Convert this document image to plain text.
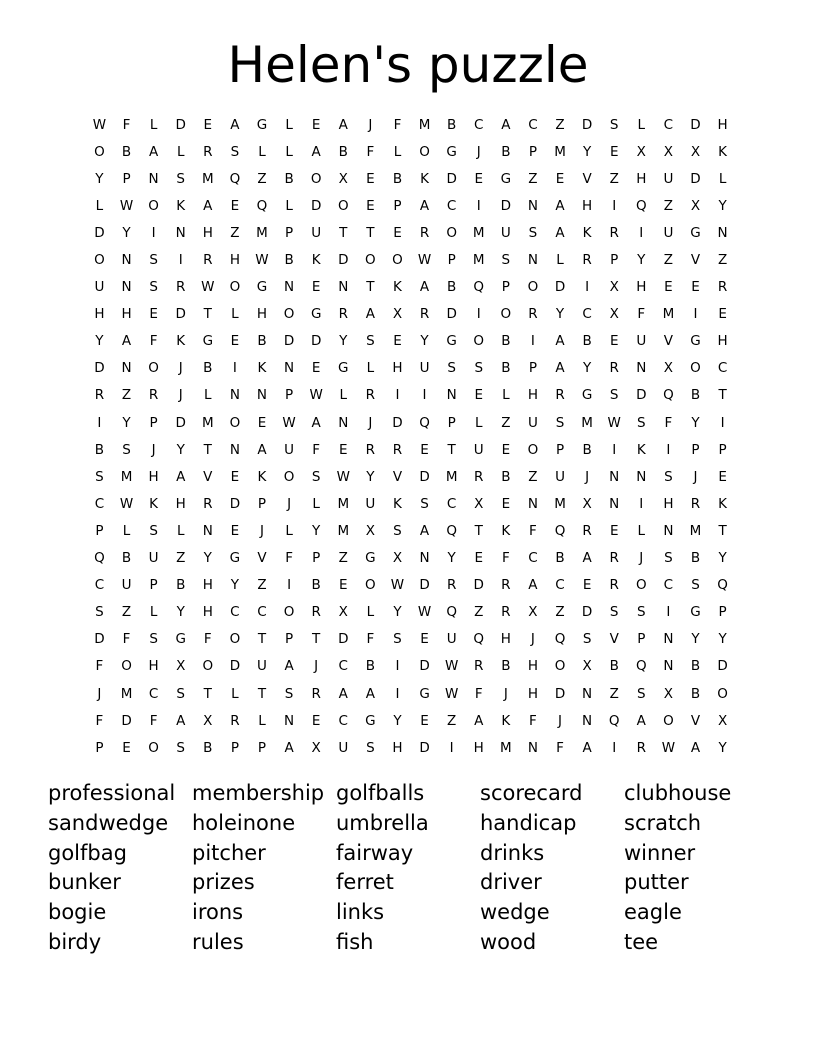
Helen's puzzle
W	F	L	D	E	A	G	L	E	A	J	F	M	B	C	A	C	Z	D	S	L	C	D	H
O	B	A	L	R	S	L	L	A	B	F	L	O	G	J	B	P	M	Y	E	X	X	X	K
Y	P	N	S	M	Q	Z	B	O	X	E	B	K	D	E	G	Z	E	V	Z	H	U	D	L
L	W	O	K	A	E	Q	L	D	O	E	P	A	C	I	D	N	A	H	I	Q	Z	X	Y
D	Y	I	N	H	Z	M	P	U	T	T	E	R	O	M	U	S	A	K	R	I	U	G	N
O	N	S	I	R	H	W	B	K	D	O	O	W	P	M	S	N	L	R	P	Y	Z	V	Z
U	N	S	R	W	O	G	N	E	N	T	K	A	B	Q	P	O	D	I	X	H	E	E	R
H	H	E	D	T	L	H	O	G	R	A	X	R	D	I	O	R	Y	C	X	F	M	I	E
Y	A	F	K	G	E	B	D	D	Y	S	E	Y	G	O	B	I	A	B	E	U	V	G	H
D	N	O	J	B	I	K	N	E	G	L	H	U	S	S	B	P	A	Y	R	N	X	O	C
R	Z	R	J	L	N	N	P	W	L	R	I	I	N	E	L	H	R	G	S	D	Q	B	T
I	Y	P	D	M	O	E	W	A	N	J	D	Q	P	L	Z	U	S	M	W	S	F	Y	I
B	S	J	Y	T	N	A	U	F	E	R	R	E	T	U	E	O	P	B	I	K	I	P	P
S	M	H	A	V	E	K	O	S	W	Y	V	D	M	R	B	Z	U	J	N	N	S	J	E
C	W	K	H	R	D	P	J	L	M	U	K	S	C	X	E	N	M	X	N	I	H	R	K
P	L	S	L	N	E	J	L	Y	M	X	S	A	Q	T	K	F	Q	R	E	L	N	M	T
Q	B	U	Z	Y	G	V	F	P	Z	G	X	N	Y	E	F	C	B	A	R	J	S	B	Y
C	U	P	B	H	Y	Z	I	B	E	O	W	D	R	D	R	A	C	E	R	O	C	S	Q
S	Z	L	Y	H	C	C	O	R	X	L	Y	W	Q	Z	R	X	Z	D	S	S	I	G	P
D	F	S	G	F	O	T	P	T	D	F	S	E	U	Q	H	J	Q	S	V	P	N	Y	Y
F	O	H	X	O	D	U	A	J	C	B	I	D	W	R	B	H	O	X	B	Q	N	B	D
J	M	C	S	T	L	T	S	R	A	A	I	G	W	F	J	H	D	N	Z	S	X	B	O
F	D	F	A	X	R	L	N	E	C	G	Y	E	Z	A	K	F	J	N	Q	A	O	V	X
P	E	O	S	B	P	P	A	X	U	S	H	D	I	H	M	N	F	A	I	R	W	A	Y
professional membership golfballs	scorecard	clubhouse
sandwedge	holeinone	umbrella	handicap	scratch
golfbag	pitcher	fairway	drinks	winner
bunker	prizes	ferret	driver	putter
bogie	irons	links	wedge	eagle
birdy	rules	fish	wood	tee
